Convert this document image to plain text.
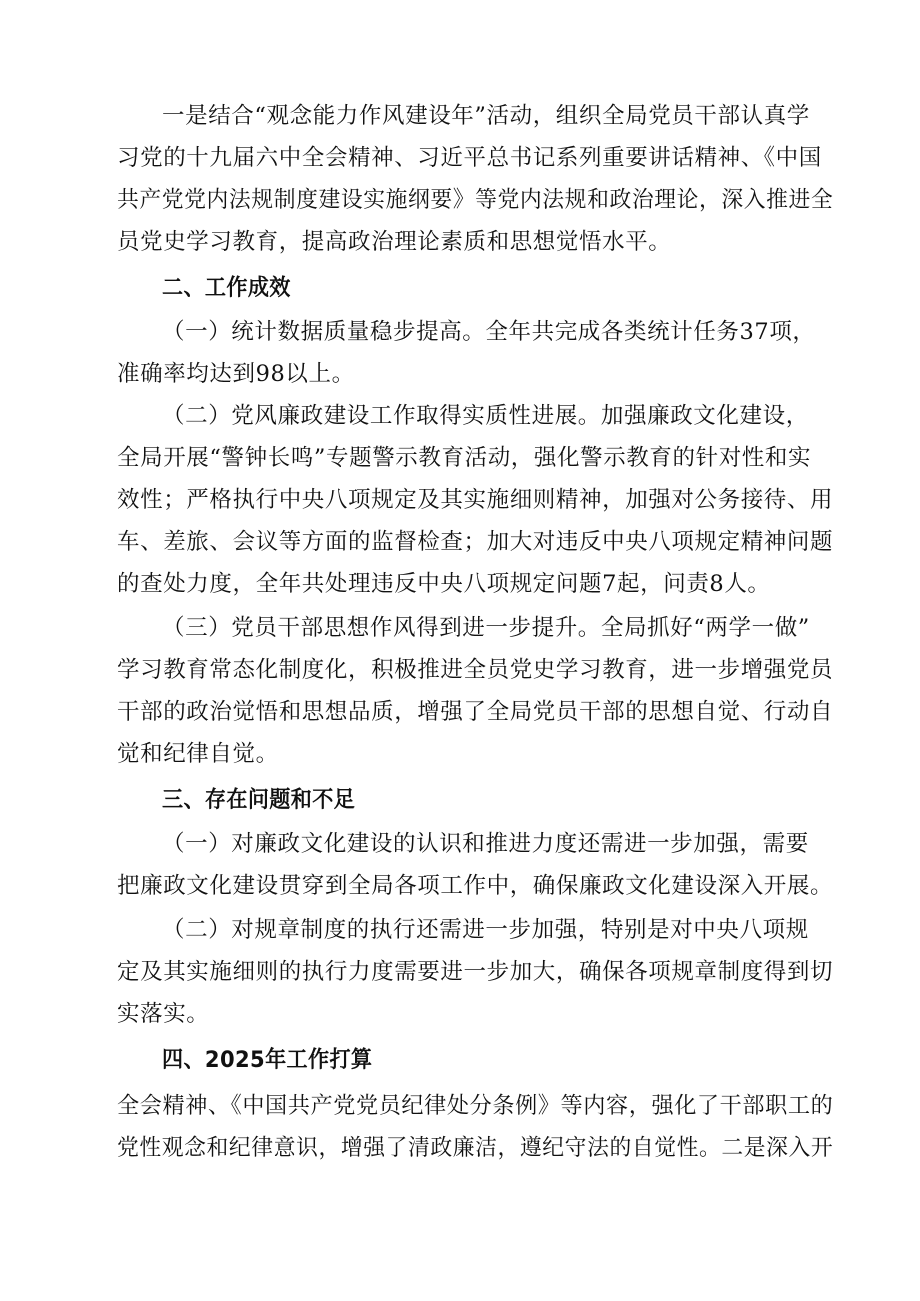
一是结合“观念能力作风建设年”活动，组织全局党员干部认真学
习党的十九届六中全会精神、习近平总书记系列重要讲话精神、《中国
共产党党内法规制度建设实施纲要》等党内法规和政治理论，深入推进全
员党史学习教育，提高政治理论素质和思想觉悟水平。
二、工作成效
（一）统计数据质量稳步提高。全年共完成各类统计任务37项，
准确率均达到98以上。
（二）党风廉政建设工作取得实质性进展。加强廉政文化建设，
全局开展“警钟长鸣”专题警示教育活动，强化警示教育的针对性和实
效性；严格执行中央八项规定及其实施细则精神，加强对公务接待、用
车、差旅、会议等方面的监督检查；加大对违反中央八项规定精神问题
的查处力度，全年共处理违反中央八项规定问题7起，问责8人。
（三）党员干部思想作风得到进一步提升。全局抓好“两学一做”
学习教育常态化制度化，积极推进全员党史学习教育，进一步增强党员
干部的政治觉悟和思想品质，增强了全局党员干部的思想自觉、行动自
觉和纪律自觉。
三、存在问题和不足
（一）对廉政文化建设的认识和推进力度还需进一步加强，需要
把廉政文化建设贯穿到全局各项工作中，确保廉政文化建设深入开展。
（二）对规章制度的执行还需进一步加强，特别是对中央八项规
定及其实施细则的执行力度需要进一步加大，确保各项规章制度得到切
实落实。
四、2025年工作打算
全会精神、《中国共产党党员纪律处分条例》等内容，强化了干部职工的
党性观念和纪律意识，增强了清政廉洁，遵纪守法的自觉性。二是深入开
